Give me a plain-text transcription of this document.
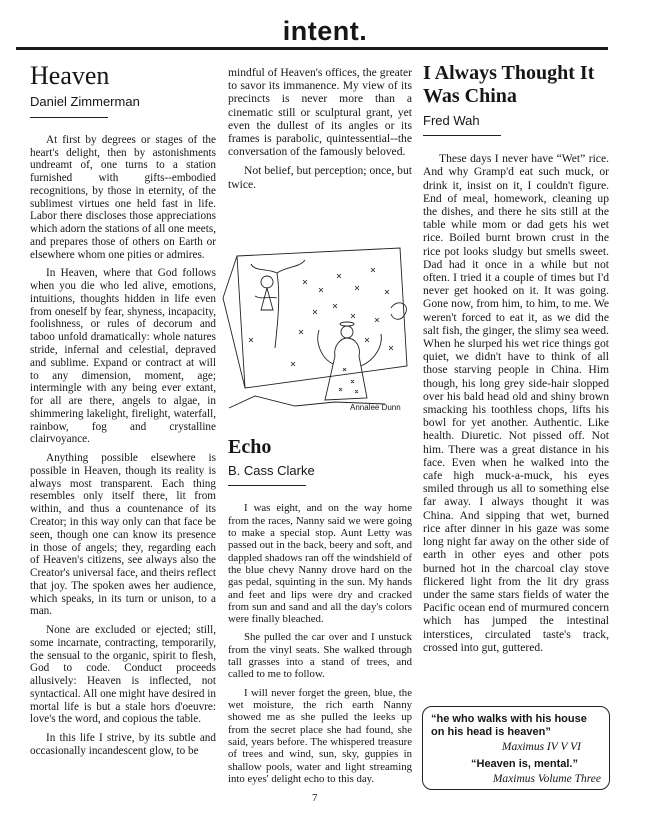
intent.
Heaven
Daniel Zimmerman

At first by degrees or stages of the heart's delight, then by astonishments undreamt of, one turns to a station furnished with gifts--embodied recognitions, by those in eternity, of the sublimest virtues one held fast in life. Labor there discloses those appreciations which adorn the stations of all one meets, and prepares those of others on Earth or elsewhere whom one pities or admires.

In Heaven, where that God follows when you die who led alive, emotions, intuitions, thoughts hidden in life even from oneself by fear, shyness, incapacity, foolishness, or rules of decorum and taboo unfold dramatically: whole natures stride, infernal and celestial, depraved and sublime. Expand or contract at will to any dimension, moment, age; intermingle with any being ever extant, for all are there, angels to algae, in shimmering lakelight, firelight, waterfall, rainbow, fog and crystalline clairvoyance.

Anything possible elsewhere is possible in Heaven, though its reality is always most transparent. Each thing resembles only itself there, lit from within, and thus a countenance of its Creator; in this way only can that face be seen, though one can know its presence in those of angels; they, regarding each of Heaven's citizens, see always also the Creator's universal face, and theirs reflect that joy. The spoken awes her audience, which speaks, in its turn or unison, to a man.

None are excluded or ejected; still, some incarnate, contracting, temporarily, the sensual to the organic, spirit to flesh, God to code. Conduct proceeds allusively: Heaven is inflected, not syntactical. All one might have desired in mortal life is but a stale hors d'oeuvre: love's the word, and copious the table.

In this life I strive, by its subtle and occasionally incandescent glow, to be

mindful of Heaven's offices, the greater to savor its immanence. My view of its precincts is never more than a cinematic still or sculptural grant, yet even the dullest of its angles or its frames is parabolic, quintessential--the conversation of the famously beloved.

Not belief, but perception; once, but twice.

Annalee Dunn
Echo
B. Cass Clarke

I was eight, and on the way home from the races, Nanny said we were going to make a special stop. Aunt Letty was passed out in the back, beery and soft, and dappled shadows ran off the windshield of the blue chevy Nanny drove hard on the gas pedal, squinting in the sun. My hands and feet and lips were dry and cracked from sun and sand and all the day's colors were finally bleached.

She pulled the car over and I unstuck from the vinyl seats. She walked through tall grasses into a stand of trees, and called to me to follow.

I will never forget the green, blue, the wet moisture, the rich earth Nanny showed me as she pulled the leeks up from the secret place she had found, she said, years before. The whispered treasure of trees and wind, sun, sky, guppies in shallow pools, water and light streaming into eyes' delight echo to this day.

I Always Thought It Was China
Fred Wah

These days I never have “Wet” rice. And why Gramp'd eat such muck, or drink it, insist on it, I couldn't figure. End of meal, homework, cleaning up the dishes, and there he sits still at the table while mom or dad gets his wet rice. Boiled burnt brown crust in the rice pot looks sludgy but smells sweet. Dad had it once in a while but not often. I tried it a couple of times but I'd never get hooked on it. It was going. Gone now, from him, to him, to me. We weren't forced to eat it, as we did the salt fish, the ginger, the slimy sea weed. When he slurped his wet rice things got quiet, we didn't have to think of all those starving people in China. Him though, his long grey side-hair slopped over his bald head old and shiny brown smacking his toothless chops, lifts his bowl for yet another. Authentic. Like health. Diuretic. Not pissed off. Not him. There was a great distance in his face. Even when he walked into the cafe high muck-a-muck, his eyes smiled through us all to something else far away. I always thought it was China. And sipping that wet, burned rice after dinner in his gaze was some long night far away on the other side of earth in other eyes and other pots burned hot in the charcoal clay stove flickered light from the lit dry grass under the same stars fields of water the Pacific ocean end of murmured concern which has jumped the intestinal interstices, circulated taste's track, crossed into gut, guttered.

“he who walks with his house on his head is heaven”
Maximus IV V VI
“Heaven is, mental.”
Maximus Volume Three
7
